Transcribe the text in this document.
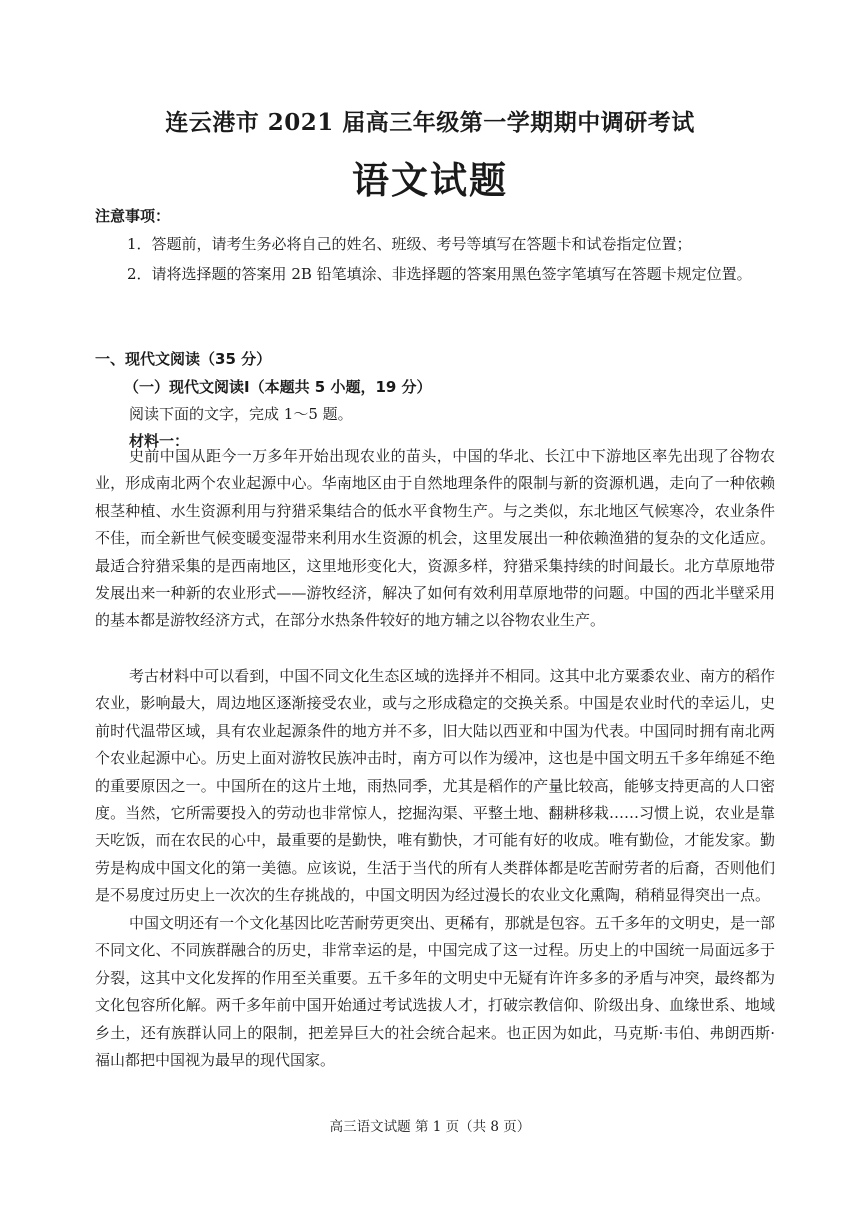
连云港市 2021 届高三年级第一学期期中调研考试
语文试题
注意事项：
1．答题前，请考生务必将自己的姓名、班级、考号等填写在答题卡和试卷指定位置；
2．请将选择题的答案用 2B 铅笔填涂、非选择题的答案用黑色签字笔填写在答题卡规定位置。
一、现代文阅读（35 分）
（一）现代文阅读Ⅰ（本题共 5 小题，19 分）
阅读下面的文字，完成 1～5 题。
材料一：
史前中国从距今一万多年开始出现农业的苗头，中国的华北、长江中下游地区率先出现了谷物农业，形成南北两个农业起源中心。华南地区由于自然地理条件的限制与新的资源机遇，走向了一种依赖根茎种植、水生资源利用与狩猎采集结合的低水平食物生产。与之类似，东北地区气候寒冷，农业条件不佳，而全新世气候变暖变湿带来利用水生资源的机会，这里发展出一种依赖渔猎的复杂的文化适应。最适合狩猎采集的是西南地区，这里地形变化大，资源多样，狩猎采集持续的时间最长。北方草原地带发展出来一种新的农业形式——游牧经济，解决了如何有效利用草原地带的问题。中国的西北半壁采用的基本都是游牧经济方式，在部分水热条件较好的地方辅之以谷物农业生产。
考古材料中可以看到，中国不同文化生态区域的选择并不相同。这其中北方粟黍农业、南方的稻作农业，影响最大，周边地区逐渐接受农业，或与之形成稳定的交换关系。中国是农业时代的幸运儿，史前时代温带区域，具有农业起源条件的地方并不多，旧大陆以西亚和中国为代表。中国同时拥有南北两个农业起源中心。历史上面对游牧民族冲击时，南方可以作为缓冲，这也是中国文明五千多年绵延不绝的重要原因之一。中国所在的这片土地，雨热同季，尤其是稻作的产量比较高，能够支持更高的人口密度。当然，它所需要投入的劳动也非常惊人，挖掘沟渠、平整土地、翻耕移栽……习惯上说，农业是靠天吃饭，而在农民的心中，最重要的是勤快，唯有勤快，才可能有好的收成。唯有勤俭，才能发家。勤劳是构成中国文化的第一美德。应该说，生活于当代的所有人类群体都是吃苦耐劳者的后裔，否则他们是不易度过历史上一次次的生存挑战的，中国文明因为经过漫长的农业文化熏陶，稍稍显得突出一点。
中国文明还有一个文化基因比吃苦耐劳更突出、更稀有，那就是包容。五千多年的文明史，是一部不同文化、不同族群融合的历史，非常幸运的是，中国完成了这一过程。历史上的中国统一局面远多于分裂，这其中文化发挥的作用至关重要。五千多年的文明史中无疑有许许多多的矛盾与冲突，最终都为文化包容所化解。两千多年前中国开始通过考试选拔人才，打破宗教信仰、阶级出身、血缘世系、地域乡土，还有族群认同上的限制，把差异巨大的社会统合起来。也正因为如此，马克斯·韦伯、弗朗西斯·福山都把中国视为最早的现代国家。
高三语文试题 第 1 页（共 8 页）
